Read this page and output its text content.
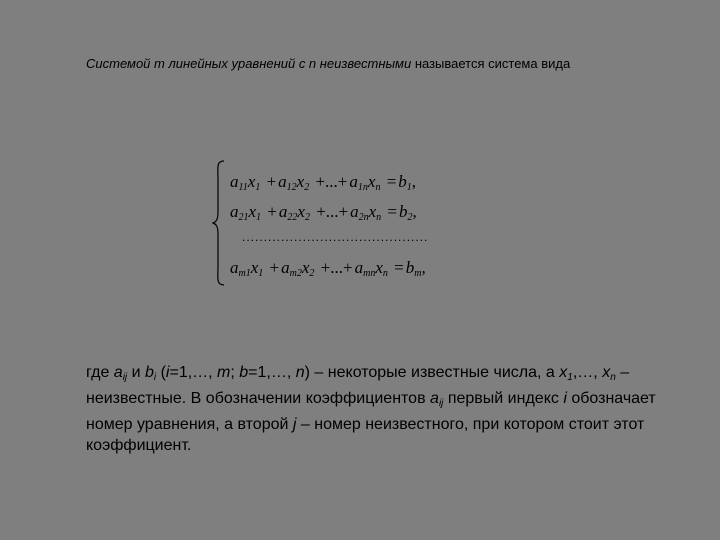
Системой m линейных уравнений с n неизвестными называется система вида
$a_{11}x_1 + a_{12}x_2$ +...+ $a_{1n}x_n = b_1$,
$a_{21}x_1 + a_{22}x_2$ +...+ $a_{2n}x_n = b_2$,
...........................................
$a_{m1}x_1 + a_{m2}x_2$ +...+ $a_{mn}x_n = b_m$,
где $a_{ij}$ и $b_i$ (i=1,…, m; b=1,…, n) – некоторые известные числа, а $x_1,\dots$, $x_n$ – неизвестные. В обозначении коэффициентов $a_{ij}$ первый индекс i обозначает номер уравнения, а второй j – номер неизвестного, при котором стоит этот коэффициент.
